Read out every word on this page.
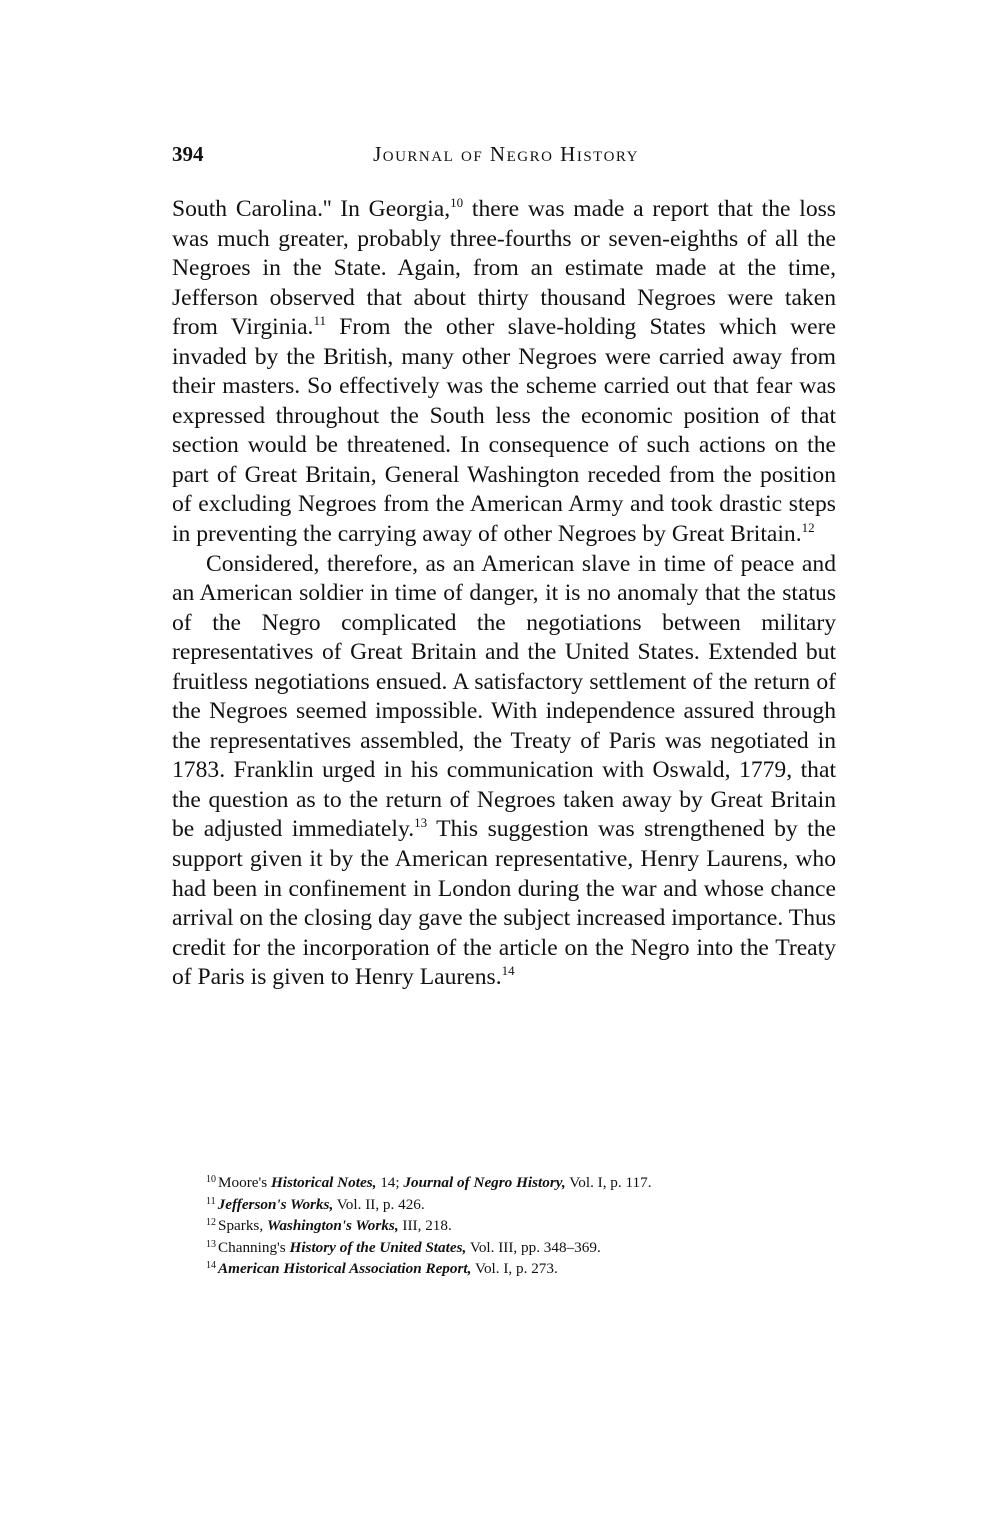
394	Journal of Negro History

South Carolina.'' In Georgia,$^{10}$ there was made a report that the loss was much greater, probably three-fourths or seven-eighths of all the Negroes in the State. Again, from an estimate made at the time, Jefferson observed that about thirty thousand Negroes were taken from Virginia.$^{11}$ From the other slave-holding States which were invaded by the British, many other Negroes were carried away from their masters. So effectively was the scheme carried out that fear was expressed throughout the South less the economic position of that section would be threatened. In consequence of such actions on the part of Great Britain, General Washington receded from the position of excluding Negroes from the American Army and took drastic steps in preventing the carrying away of other Negroes by Great Britain.$^{12}$

Considered, therefore, as an American slave in time of peace and an American soldier in time of danger, it is no anomaly that the status of the Negro complicated the negotiations between military representatives of Great Britain and the United States. Extended but fruitless negotiations ensued. A satisfactory settlement of the return of the Negroes seemed impossible. With independence assured through the representatives assembled, the Treaty of Paris was negotiated in 1783. Franklin urged in his communication with Oswald, 1779, that the question as to the return of Negroes taken away by Great Britain be adjusted immediately.$^{13}$ This suggestion was strengthened by the support given it by the American representative, Henry Laurens, who had been in confinement in London during the war and whose chance arrival on the closing day gave the subject increased importance. Thus credit for the incorporation of the article on the Negro into the Treaty of Paris is given to Henry Laurens.$^{14}$

$^{10}$ Moore's Historical Notes, 14; Journal of Negro History, Vol. I, p. 117.
$^{11}$ Jefferson's Works, Vol. II, p. 426.
$^{12}$ Sparks, Washington's Works, III, 218.
$^{13}$ Channing's History of the United States, Vol. III, pp. 348–369.
$^{14}$ American Historical Association Report, Vol. I, p. 273.
